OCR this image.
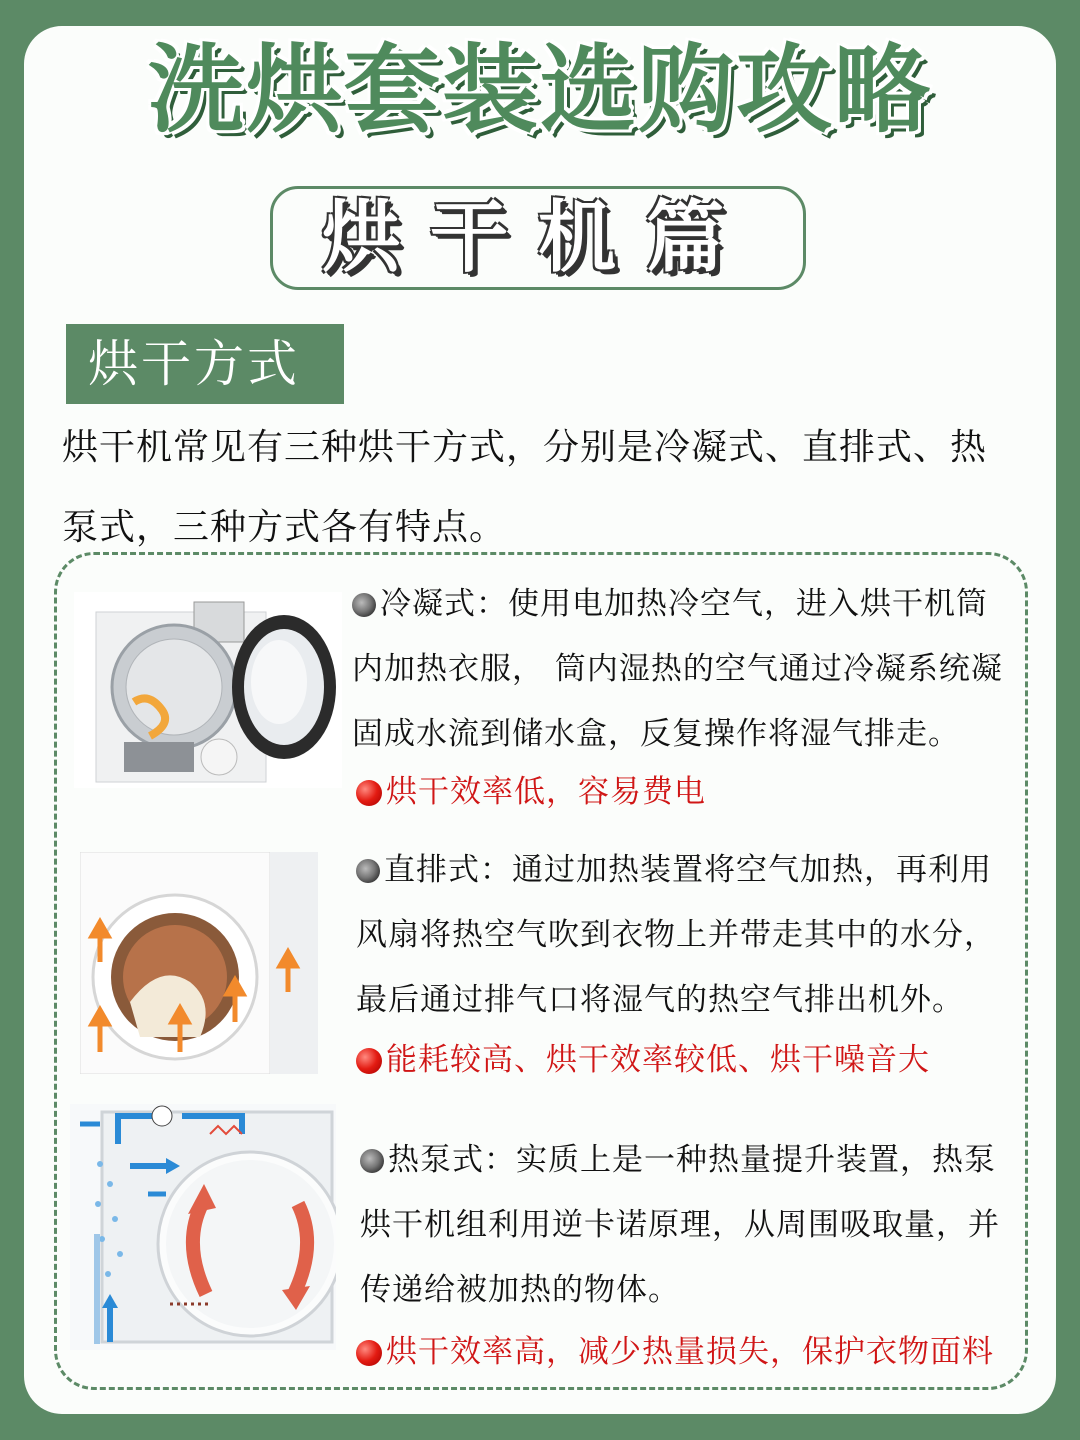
洗烘套装选购攻略
烘干机篇
烘干方式
烘干机常见有三种烘干方式，分别是冷凝式、直排式、热
泵式，三种方式各有特点。
冷凝式：使用电加热冷空气，进入烘干机筒
内加热衣服， 筒内湿热的空气通过冷凝系统凝
固成水流到储水盒，反复操作将湿气排走。
烘干效率低，容易费电
直排式：通过加热装置将空气加热，再利用
风扇将热空气吹到衣物上并带走其中的水分，
最后通过排气口将湿气的热空气排出机外。
能耗较高、烘干效率较低、烘干噪音大
热泵式：实质上是一种热量提升装置，热泵
烘干机组利用逆卡诺原理，从周围吸取量，并
传递给被加热的物体。
烘干效率高，减少热量损失，保护衣物面料
